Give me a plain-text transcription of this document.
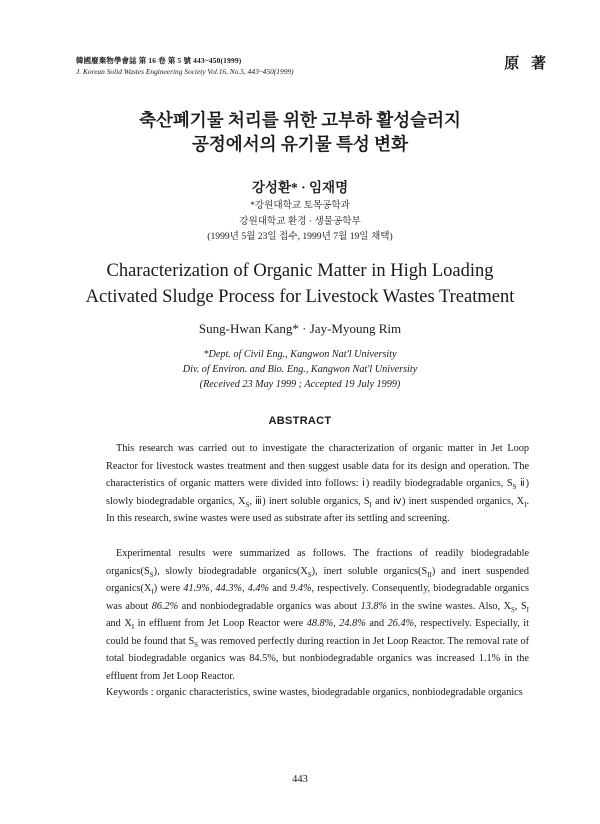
韓國廢棄物學會誌 第 16 卷 第 5 號 443~450(1999)
J. Korean Solid Wastes Engineering Society Vol.16, No.5, 443~450(1999)	原 著
축산폐기물 처리를 위한 고부하 활성슬러지
공정에서의 유기물 특성 변화
강성환* · 임재명
*강원대학교 토목공학과
강원대학교 환경 · 생물공학부
(1999년 5월 23일 접수, 1999년 7월 19일 채택)
Characterization of Organic Matter in High Loading
Activated Sludge Process for Livestock Wastes Treatment
Sung-Hwan Kang* · Jay-Myoung Rim
*Dept. of Civil Eng., Kangwon Nat'l University
Div. of Environ. and Bio. Eng., Kangwon Nat'l University
(Received 23 May 1999 ; Accepted 19 July 1999)
ABSTRACT

This research was carried out to investigate the characterization of organic matter in Jet Loop Reactor for livestock wastes treatment and then suggest usable data for its design and operation. The characteristics of organic matters were divided into follows: ⅰ) readily biodegradable organics, $S_S$ ⅱ) slowly biodegradable organics, $X_S$, ⅲ) inert soluble organics, $S_I$ and ⅳ) inert suspended organics, $X_I$. In this research, swine wastes were used as substrate after its settling and screening.

Experimental results were summarized as follows. The fractions of readily biodegradable $organics(S_S)$, slowly biodegradable $organics(X_S)$, inert soluble $organics(S_{II})$ and inert suspended $organics(X_I)$ were 41.9%, 44.3%, 4.4% and 9.4%, respectively. Consequently, biodegradable organics was about 86.2% and nonbiodegradable organics was about 13.8% in the swine wastes. Also, $X_S$, $S_I$ and $X_I$ in effluent from Jet Loop Reactor were 48.8%, 24.8% and 26.4%, respectively. Especially, it could be found that $S_S$ was removed perfectly during reaction in Jet Loop Reactor. The removal rate of total biodegradable organics was 84.5%, but nonbiodegradable organics was increased 1.1% in the effluent from Jet Loop Reactor.

Keywords : organic characteristics, swine wastes, biodegradable organics, nonbiodegradable organics
443
